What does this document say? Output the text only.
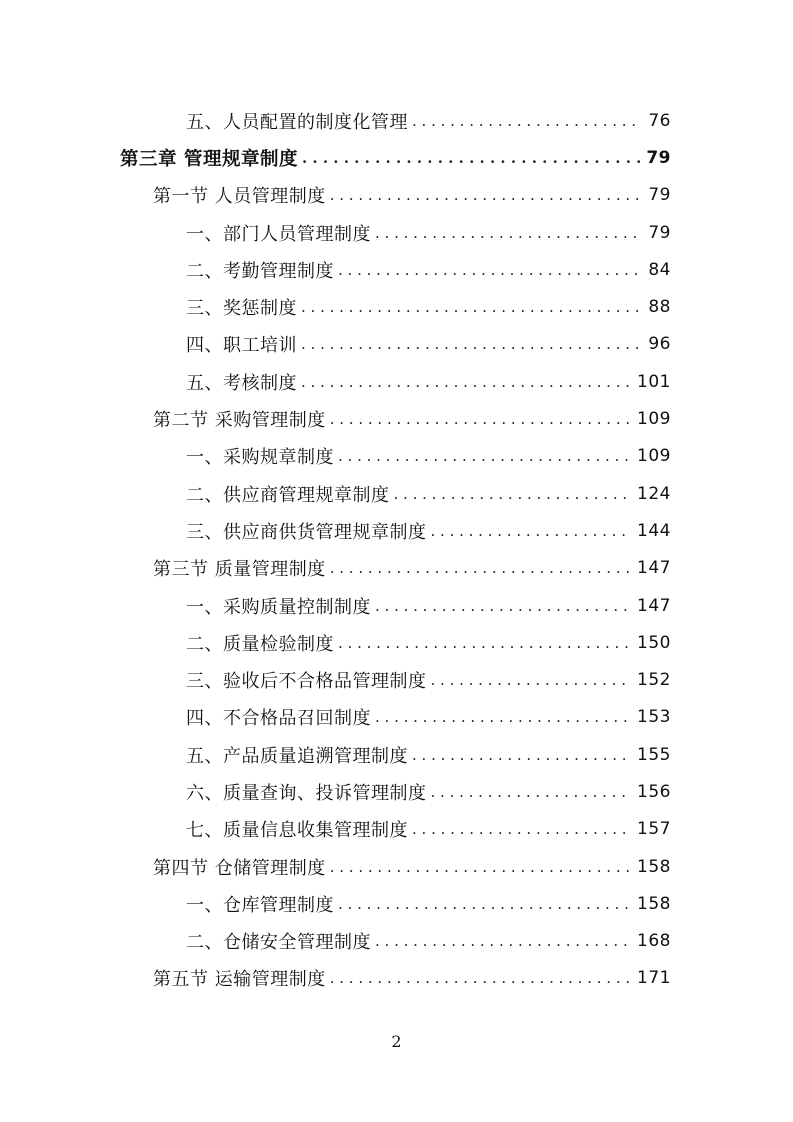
五、人员配置的制度化管理 . . .	76
第三章 管理规章制度 . . .	79
第一节 人员管理制度 . . .	79
一、部门人员管理制度 . . .	79
二、考勤管理制度 . . .	84
三、奖惩制度 . . .	88
四、职工培训 . . .	96
五、考核制度 . . .	101
第二节 采购管理制度 . . .	109
一、采购规章制度 . . .	109
二、供应商管理规章制度 . . .	124
三、供应商供货管理规章制度 . . .	144
第三节 质量管理制度 . . .	147
一、采购质量控制制度 . . .	147
二、质量检验制度 . . .	150
三、验收后不合格品管理制度 . . .	152
四、不合格品召回制度 . . .	153
五、产品质量追溯管理制度 . . .	155
六、质量查询、投诉管理制度 . . .	156
七、质量信息收集管理制度 . . .	157
第四节 仓储管理制度 . . .	158
一、仓库管理制度 . . .	158
二、仓储安全管理制度 . . .	168
第五节 运输管理制度 . . .	171
2
